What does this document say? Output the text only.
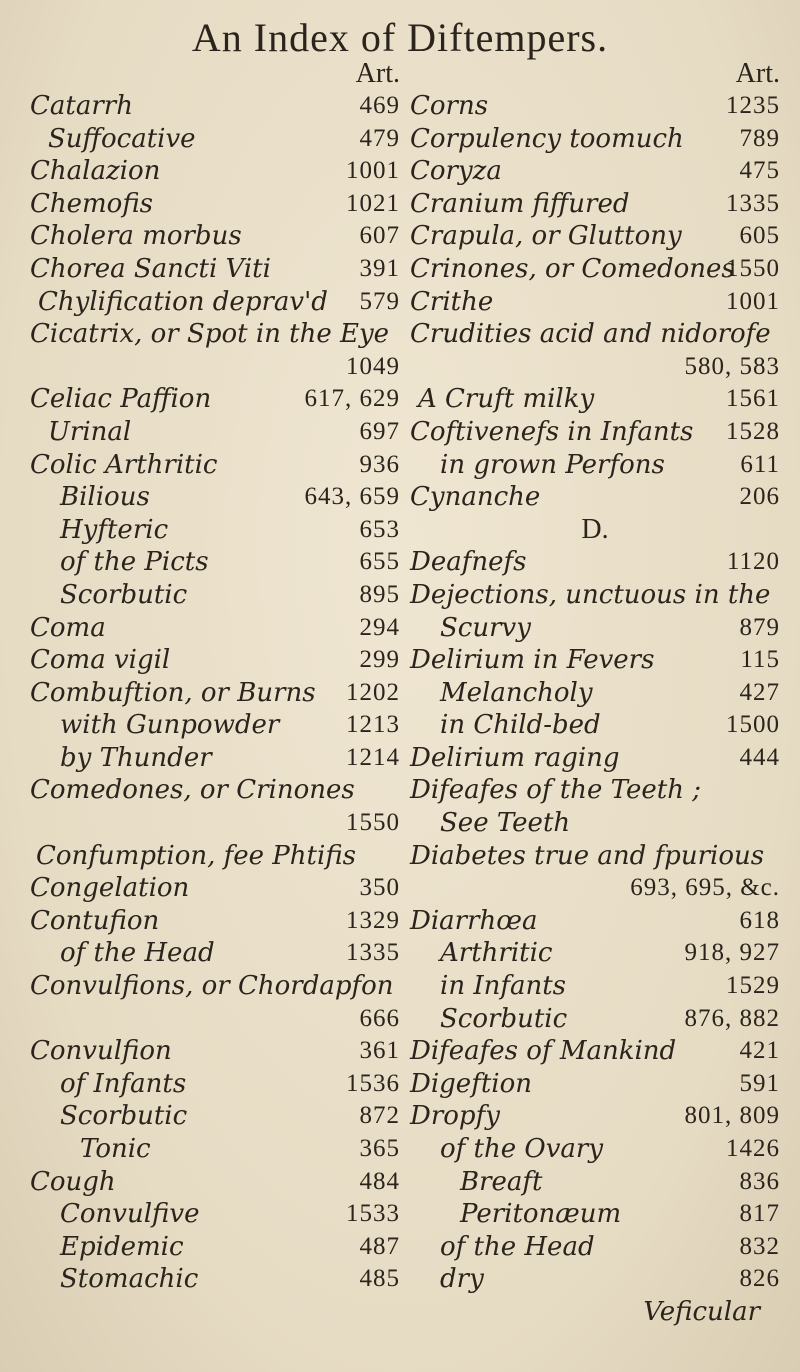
An Index of Diftempers.
Art.
Catarrh	469
Suffocative	479
Chalazion	1001
Chemofis	1021
Cholera morbus	607
Chorea Sancti Viti	391
Chylification deprav'd 579
Cicatrix, or Spot in the Eye
1049
Celiac Paffion	617, 629
Urinal	697
Colic Arthritic	936
Bilious	643, 659
Hyfteric	653
of the Picts	655
Scorbutic	895
Coma	294
Coma vigil	299
Combuftion, or Burns 1202
with Gunpowder	1213
by Thunder	1214
Comedones, or Crinones
1550
Confumption, fee Phtifis
Congelation	350
Contufion	1329
of the Head	1335
Convulfions, or Chordapfon
666
Convulfion	361
of Infants	1536
Scorbutic	872
Tonic	365
Cough	484
Convulfive	1533
Epidemic	487
Stomachic	485
Art.
Corns	1235
Corpulency toomuch 789
Coryza	475
Cranium fiffured	1335
Crapula, or Gluttony 605
Crinones, or Comedones
1550
Crithe	1001
Crudities acid and nidorofe
580, 583
A Cruft milky	1561
Coftivenefs in Infants 1528
in grown Perfons	611
Cynanche	206
D.
Deafnefs	1120
Dejections, unctuous in the
Scurvy	879
Delirium in Fevers	115
Melancholy	427
in Child-bed	1500
Delirium raging	444
Difeafes of the Teeth ;
See Teeth
Diabetes true and fpurious
693, 695, &c.
Diarrhœa	618
Arthritic	918, 927
in Infants	1529
Scorbutic	876, 882
Difeafes of Mankind	421
Digeftion	591
Dropfy	801, 809
of the Ovary	1426
Breaft	836
Peritonæum	817
of the Head	832
dry	826
Veficular
